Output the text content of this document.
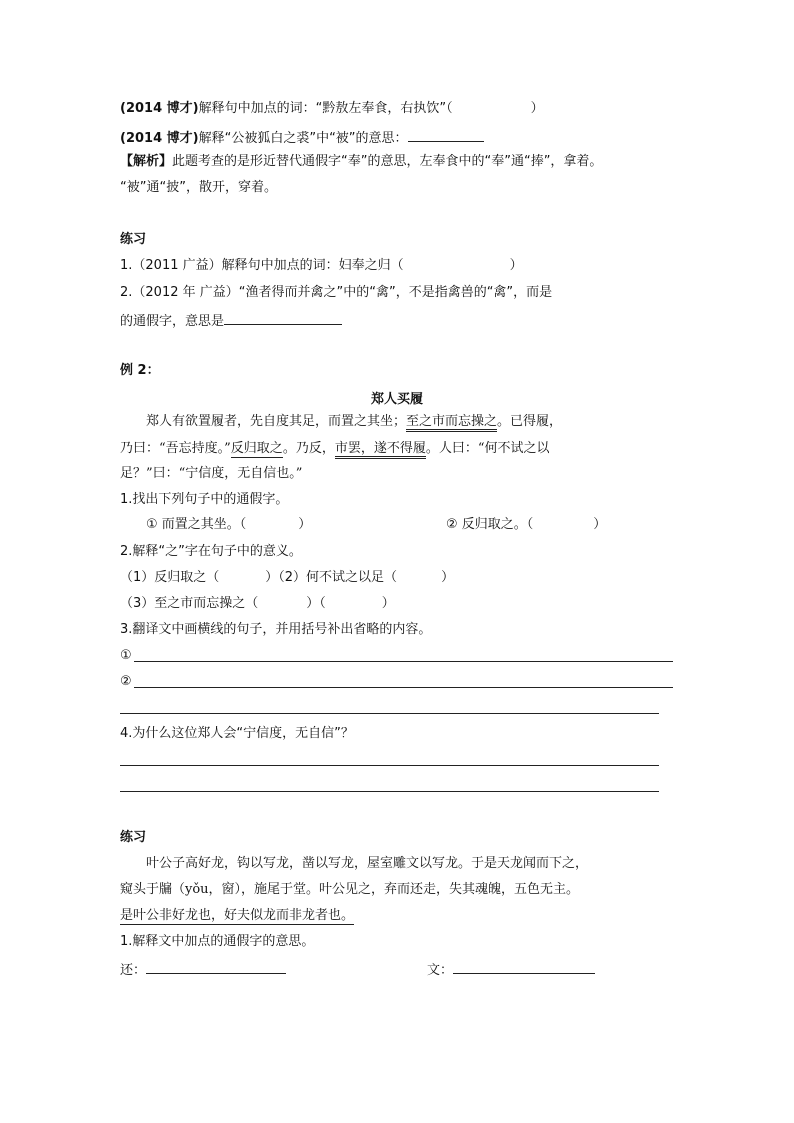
(2014 博才)解释句中加点的词：“黔敖左奉食，右执饮”（	）
(2014 博才)解释“公被狐白之裘”中“被”的意思：
【解析】此题考查的是形近替代通假字“奉”的意思，左奉食中的“奉”通“捧”，拿着。
“被”通“披”，散开，穿着。
练习
1.（2011 广益）解释句中加点的词：妇奉之归（	）
2.（2012 年 广益）“渔者得而并禽之”中的“禽”，不是指禽兽的“禽”，而是
的通假字，意思是
例 2：
郑人买履
郑人有欲置履者，先自度其足，而置之其坐；至之市而忘操之。已得履，
乃曰：“吾忘持度。”反归取之。乃反，市罢，遂不得履。人曰：“何不试之以
足？”曰：“宁信度，无自信也。”
1.找出下列句子中的通假字。
① 而置之其坐。（	）	② 反归取之。（	）
2.解释“之”字在句子中的意义。
（1）反归取之（	）（2）何不试之以足（	）
（3）至之市而忘操之（	）（	）
3.翻译文中画横线的句子，并用括号补出省略的内容。
①
②
4.为什么这位郑人会“宁信度，无自信”？
练习
叶公子高好龙，钩以写龙，凿以写龙，屋室雕文以写龙。于是天龙闻而下之，
窥头于牖（yǒu，窗），施尾于堂。叶公见之，弃而还走，失其魂魄，五色无主。
是叶公非好龙也，好夫似龙而非龙者也。
1.解释文中加点的通假字的意思。
还：	文：
